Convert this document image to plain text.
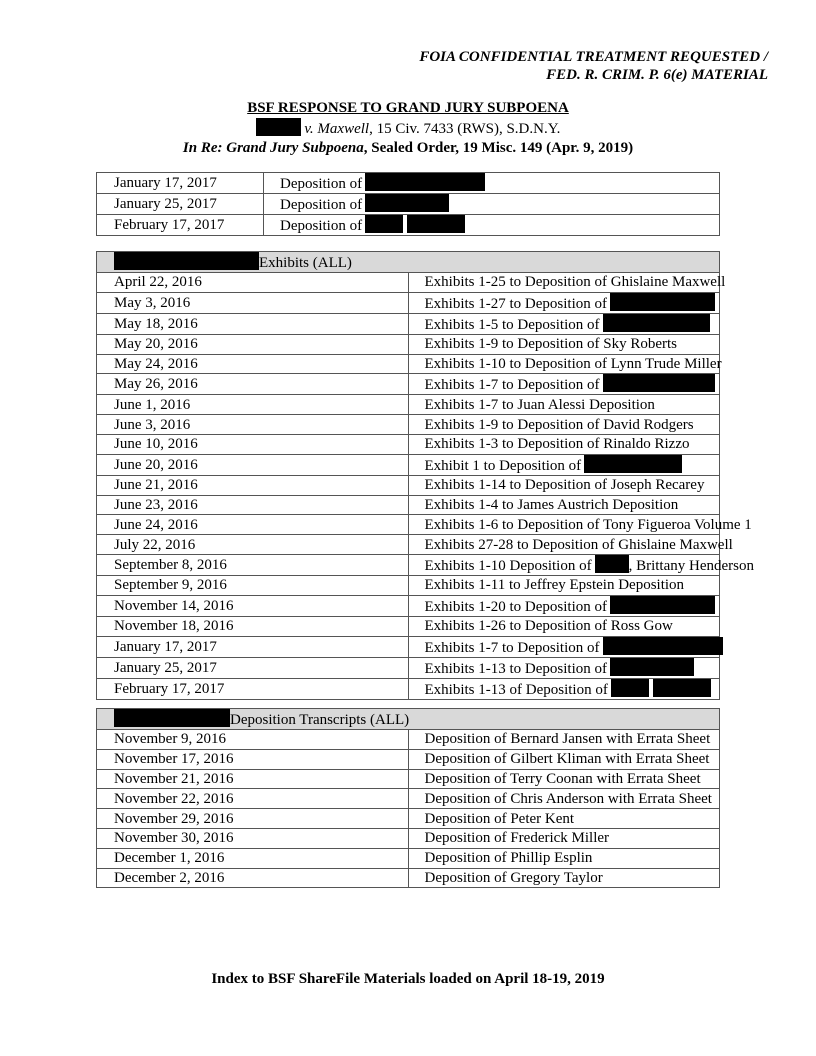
FOIA CONFIDENTIAL TREATMENT REQUESTED /
FED. R. CRIM. P. 6(e) MATERIAL
BSF RESPONSE TO GRAND JURY SUBPOENA
v. Maxwell, 15 Civ. 7433 (RWS), S.D.N.Y.
In Re: Grand Jury Subpoena, Sealed Order, 19 Misc. 149 (Apr. 9, 2019)
January 17, 2017	Deposition of
January 25, 2017	Deposition of
February 17, 2017	Deposition of
Exhibits (ALL)	
April 22, 2016	Exhibits 1-25 to Deposition of Ghislaine Maxwell
May 3, 2016	Exhibits 1-27 to Deposition of
May 18, 2016	Exhibits 1-5 to Deposition of
May 20, 2016	Exhibits 1-9 to Deposition of Sky Roberts
May 24, 2016	Exhibits 1-10 to Deposition of Lynn Trude Miller
May 26, 2016	Exhibits 1-7 to Deposition of
June 1, 2016	Exhibits 1-7 to Juan Alessi Deposition
June 3, 2016	Exhibits 1-9 to Deposition of David Rodgers
June 10, 2016	Exhibits 1-3 to Deposition of Rinaldo Rizzo
June 20, 2016	Exhibit 1 to Deposition of
June 21, 2016	Exhibits 1-14 to Deposition of Joseph Recarey
June 23, 2016	Exhibits 1-4 to James Austrich Deposition
June 24, 2016	Exhibits 1-6 to Deposition of Tony Figueroa Volume 1
July 22, 2016	Exhibits 27-28 to Deposition of Ghislaine Maxwell
September 8, 2016	Exhibits 1-10 Deposition of , Brittany Henderson
September 9, 2016	Exhibits 1-11 to Jeffrey Epstein Deposition
November 14, 2016	Exhibits 1-20 to Deposition of
November 18, 2016	Exhibits 1-26 to Deposition of Ross Gow
January 17, 2017	Exhibits 1-7 to Deposition of
January 25, 2017	Exhibits 1-13 to Deposition of
February 17, 2017	Exhibits 1-13 of Deposition of
Deposition Transcripts (ALL)	
November 9, 2016	Deposition of Bernard Jansen with Errata Sheet
November 17, 2016	Deposition of Gilbert Kliman with Errata Sheet
November 21, 2016	Deposition of Terry Coonan with Errata Sheet
November 22, 2016	Deposition of Chris Anderson with Errata Sheet
November 29, 2016	Deposition of Peter Kent
November 30, 2016	Deposition of Frederick Miller
December 1, 2016	Deposition of Phillip Esplin
December 2, 2016	Deposition of Gregory Taylor
Index to BSF ShareFile Materials loaded on April 18-19, 2019
